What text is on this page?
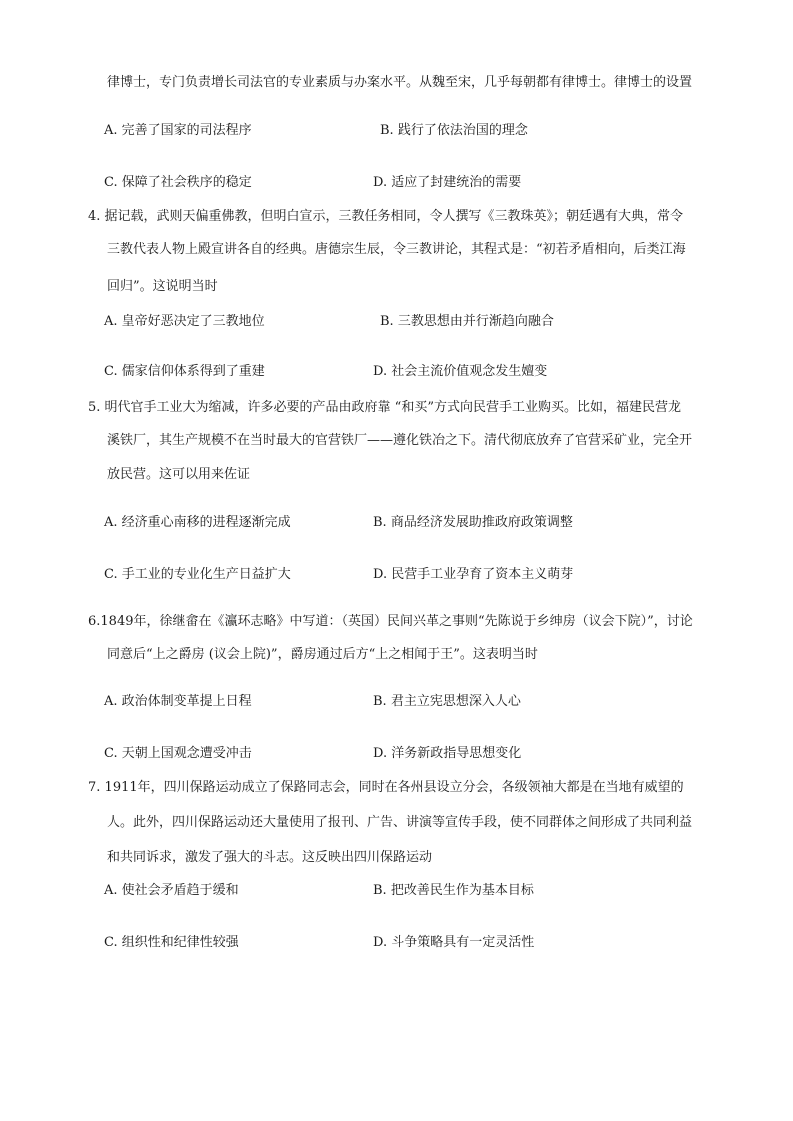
律博士，专门负责增长司法官的专业素质与办案水平。从魏至宋，几乎每朝都有律博士。律博士的设置
A. 完善了国家的司法程序	B. 践行了依法治国的理念
C. 保障了社会秩序的稳定	D. 适应了封建统治的需要
4. 据记载，武则天偏重佛教，但明白宣示，三教任务相同，令人撰写《三教珠英》；朝廷遇有大典，常令
三教代表人物上殿宣讲各自的经典。唐德宗生辰，令三教讲论，其程式是：“初若矛盾相向，后类江海
回归”。这说明当时
A. 皇帝好恶决定了三教地位	B. 三教思想由并行渐趋向融合
C. 儒家信仰体系得到了重建	D. 社会主流价值观念发生嬗变
5. 明代官手工业大为缩减，许多必要的产品由政府靠 “和买”方式向民营手工业购买。比如，福建民营龙
溪铁厂，其生产规模不在当时最大的官营铁厂——遵化铁冶之下。清代彻底放弃了官营采矿业，完全开
放民营。这可以用来佐证
A. 经济重心南移的进程逐渐完成	B. 商品经济发展助推政府政策调整
C. 手工业的专业化生产日益扩大	D. 民营手工业孕育了资本主义萌芽
6.1849年，徐继畲在《瀛环志略》中写道：（英国）民间兴革之事则“先陈说于乡绅房（议会下院）”，讨论
同意后“上之爵房 (议会上院)”，爵房通过后方“上之相闻于王”。这表明当时
A. 政治体制变革提上日程	B. 君主立宪思想深入人心
C. 天朝上国观念遭受冲击	D. 洋务新政指导思想变化
7. 1911年，四川保路运动成立了保路同志会，同时在各州县设立分会，各级领袖大都是在当地有威望的
人。此外，四川保路运动还大量使用了报刊、广告、讲演等宣传手段，使不同群体之间形成了共同利益
和共同诉求，激发了强大的斗志。这反映出四川保路运动
A. 使社会矛盾趋于缓和	B. 把改善民生作为基本目标
C. 组织性和纪律性较强	D. 斗争策略具有一定灵活性
